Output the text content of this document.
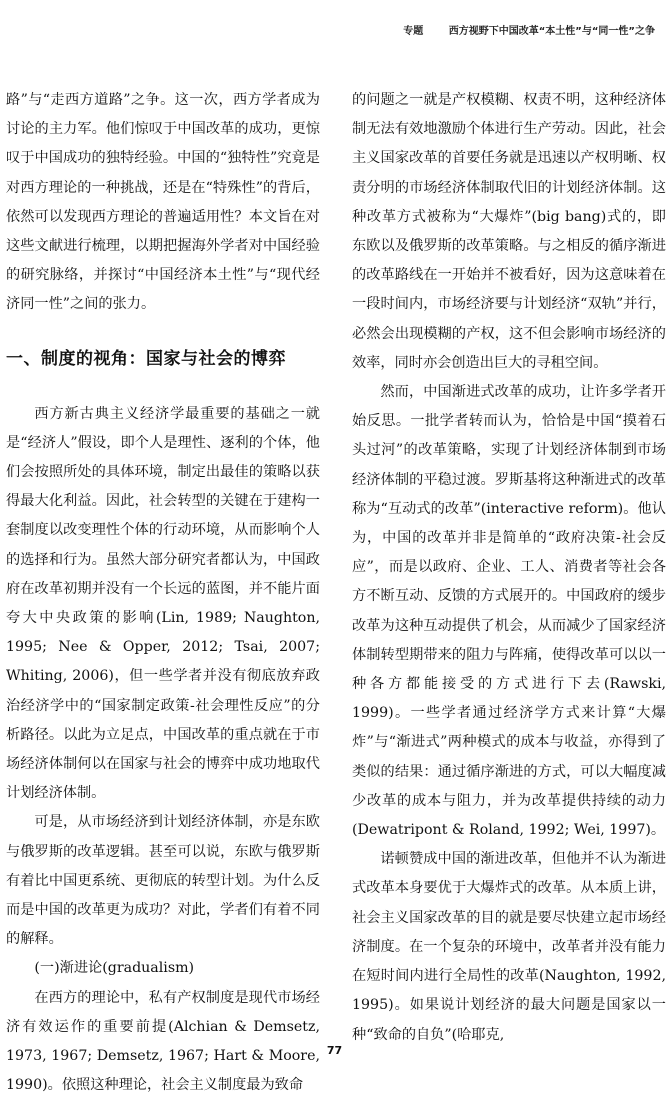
专题	西方视野下中国改革“本土性”与“同一性”之争

路”与“走西方道路”之争。这一次，西方学者成为讨论的主力军。他们惊叹于中国改革的成功，更惊叹于中国成功的独特经验。中国的“独特性”究竟是对西方理论的一种挑战，还是在“特殊性”的背后，依然可以发现西方理论的普遍适用性？本文旨在对这些文献进行梳理，以期把握海外学者对中国经验的研究脉络，并探讨“中国经济本土性”与“现代经济同一性”之间的张力。

一、制度的视角：国家与社会的博弈

西方新古典主义经济学最重要的基础之一就是“经济人”假设，即个人是理性、逐利的个体，他们会按照所处的具体环境，制定出最佳的策略以获得最大化利益。因此，社会转型的关键在于建构一套制度以改变理性个体的行动环境，从而影响个人的选择和行为。虽然大部分研究者都认为，中国政府在改革初期并没有一个长远的蓝图，并不能片面夸大中央政策的影响(Lin, 1989; Naughton, 1995; Nee & Opper, 2012; Tsai, 2007; Whiting, 2006)，但一些学者并没有彻底放弃政治经济学中的“国家制定政策-社会理性反应”的分析路径。以此为立足点，中国改革的重点就在于市场经济体制何以在国家与社会的博弈中成功地取代计划经济体制。

可是，从市场经济到计划经济体制，亦是东欧与俄罗斯的改革逻辑。甚至可以说，东欧与俄罗斯有着比中国更系统、更彻底的转型计划。为什么反而是中国的改革更为成功？对此，学者们有着不同的解释。

(一)渐进论(gradualism)

在西方的理论中，私有产权制度是现代市场经济有效运作的重要前提(Alchian & Demsetz, 1973, 1967; Demsetz, 1967; Hart & Moore, 1990)。依照这种理论，社会主义制度最为致命

的问题之一就是产权模糊、权责不明，这种经济体制无法有效地激励个体进行生产劳动。因此，社会主义国家改革的首要任务就是迅速以产权明晰、权责分明的市场经济体制取代旧的计划经济体制。这种改革方式被称为“大爆炸”(big bang)式的，即东欧以及俄罗斯的改革策略。与之相反的循序渐进的改革路线在一开始并不被看好，因为这意味着在一段时间内，市场经济要与计划经济“双轨”并行，必然会出现模糊的产权，这不但会影响市场经济的效率，同时亦会创造出巨大的寻租空间。

然而，中国渐进式改革的成功，让许多学者开始反思。一批学者转而认为，恰恰是中国“摸着石头过河”的改革策略，实现了计划经济体制到市场经济体制的平稳过渡。罗斯基将这种渐进式的改革称为“互动式的改革”(interactive reform)。他认为，中国的改革并非是简单的“政府决策-社会反应”，而是以政府、企业、工人、消费者等社会各方不断互动、反馈的方式展开的。中国政府的缓步改革为这种互动提供了机会，从而减少了国家经济体制转型期带来的阻力与阵痛，使得改革可以以一种各方都能接受的方式进行下去(Rawski, 1999)。一些学者通过经济学方式来计算“大爆炸”与“渐进式”两种模式的成本与收益，亦得到了类似的结果：通过循序渐进的方式，可以大幅度减少改革的成本与阻力，并为改革提供持续的动力(Dewatripont & Roland, 1992; Wei, 1997)。

诺顿赞成中国的渐进改革，但他并不认为渐进式改革本身要优于大爆炸式的改革。从本质上讲，社会主义国家改革的目的就是要尽快建立起市场经济制度。在一个复杂的环境中，改革者并没有能力在短时间内进行全局性的改革(Naughton, 1992, 1995)。如果说计划经济的最大问题是国家以一种“致命的自负”(哈耶克,

77
